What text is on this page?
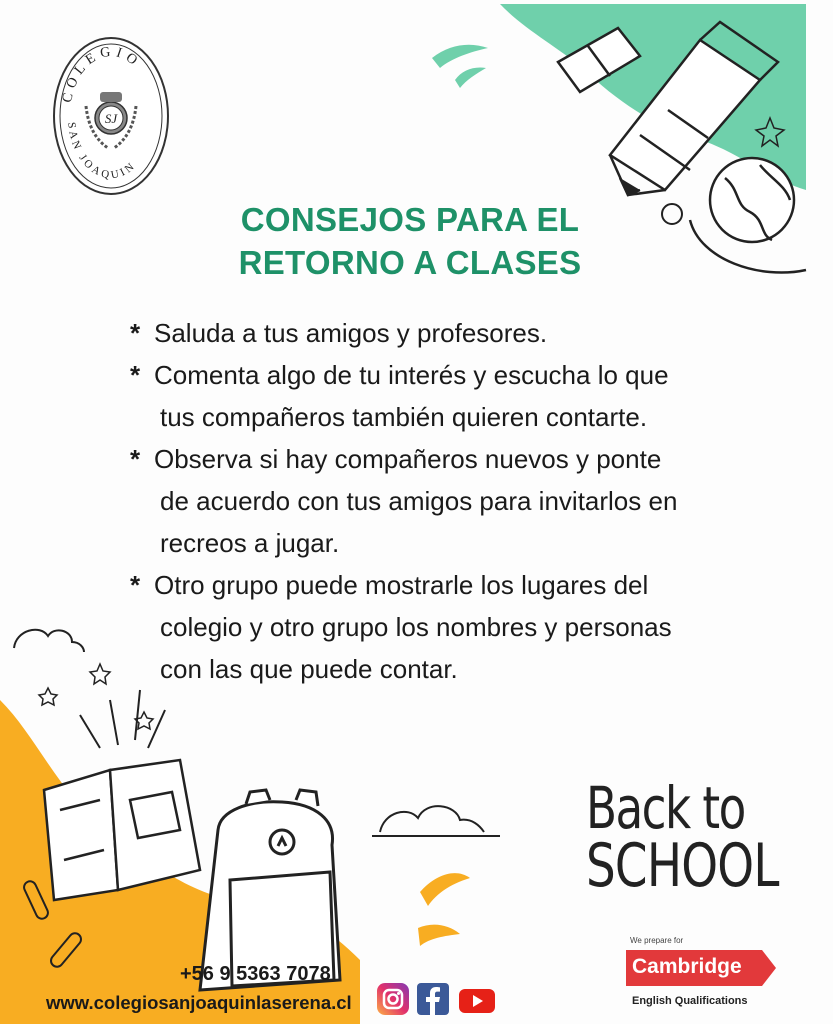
COLEGIO
SAN JOAQUIN
SJ
CONSEJOS PARA EL
RETORNO A CLASES
* Saluda a tus amigos y profesores.
* Comenta algo de tu interés y escucha lo que
tus compañeros también quieren contarte.
* Observa si hay compañeros nuevos y ponte
de acuerdo con tus amigos para invitarlos en
recreos a jugar.
* Otro grupo puede mostrarle los lugares del
colegio y otro grupo los nombres y personas
con las que puede contar.
Back to
SCHOOL
We prepare for
Cambridge
English Qualifications
+56 9 5363 7078
www.colegiosanjoaquinlaserena.cl
